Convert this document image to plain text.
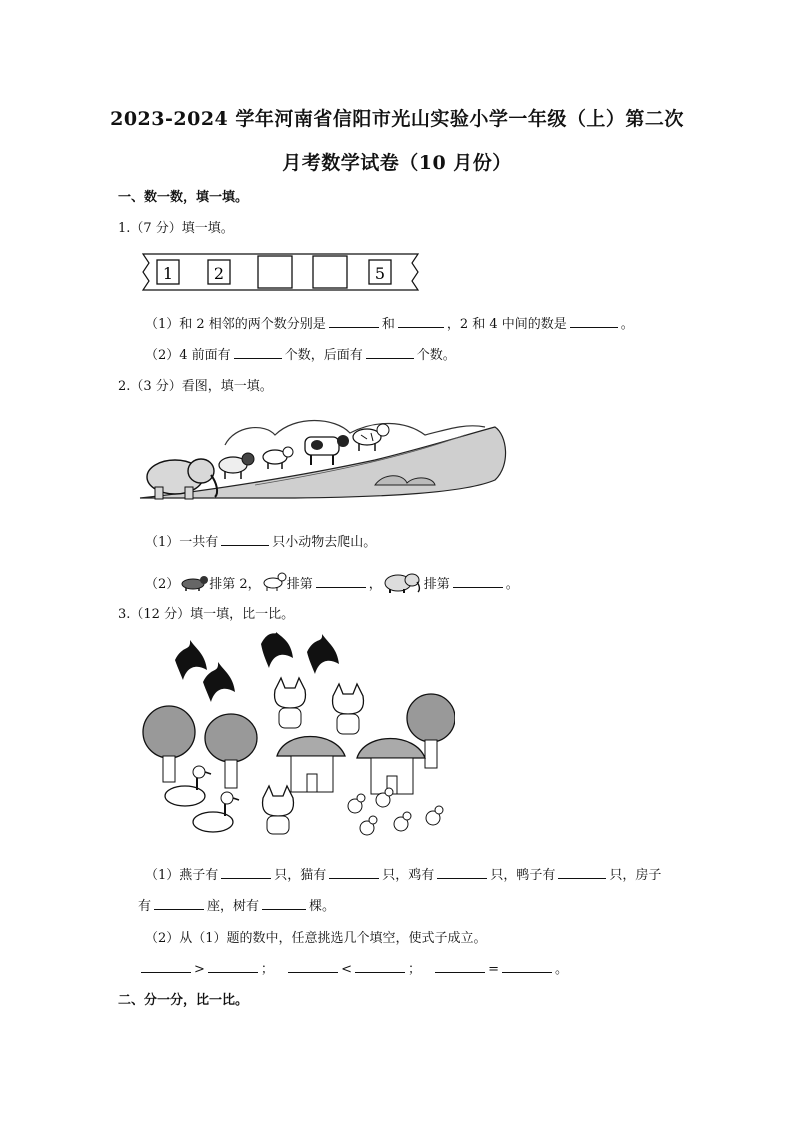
2023-2024 学年河南省信阳市光山实验小学一年级（上）第二次
月考数学试卷（10 月份）
一、数一数，填一填。
1.（7 分）填一填。
1	2	5
（1）和 2 相邻的两个数分别是	和	，2 和 4 中间的数是	。
（2）4 前面有	个数，后面有	个数。
2.（3 分）看图，填一填。
（1）一共有	只小动物去爬山。
（2） 排第 2， 排第	，	排第	。
3.（12 分）填一填，比一比。
（1）燕子有	只，猫有	只，鸡有	只，鸭子有	只，房子
有	座，树有	棵。
（2）从（1）题的数中，任意挑选几个填空，使式子成立。
>	；	<	；	=	。
二、分一分，比一比。
